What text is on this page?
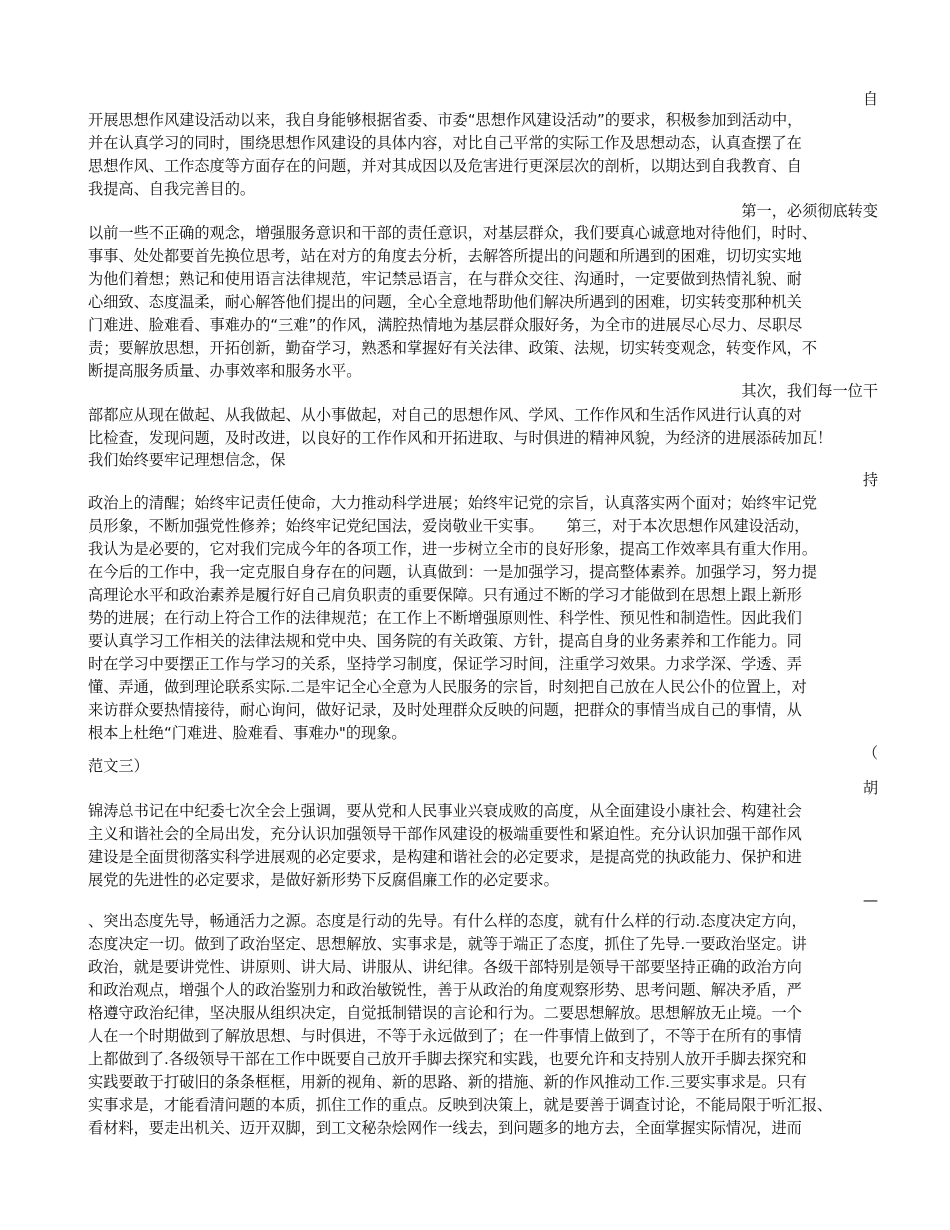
自
开展思想作风建设活动以来，我自身能够根据省委、市委“思想作风建设活动”的要求，积极参加到活动中，
并在认真学习的同时，围绕思想作风建设的具体内容，对比自己平常的实际工作及思想动态，认真查摆了在
思想作风、工作态度等方面存在的问题，并对其成因以及危害进行更深层次的剖析，以期达到自我教育、自
我提高、自我完善目的。
第一，必须彻底转变
以前一些不正确的观念，增强服务意识和干部的责任意识，对基层群众，我们要真心诚意地对待他们，时时、
事事、处处都要首先换位思考，站在对方的角度去分析，去解答所提出的问题和所遇到的困难，切切实实地
为他们着想；熟记和使用语言法律规范，牢记禁忌语言，在与群众交往、沟通时，一定要做到热情礼貌、耐
心细致、态度温柔，耐心解答他们提出的问题，全心全意地帮助他们解决所遇到的困难，切实转变那种机关
门难进、脸难看、事难办的“三难”的作风，满腔热情地为基层群众服好务，为全市的进展尽心尽力、尽职尽
责；要解放思想，开拓创新，勤奋学习，熟悉和掌握好有关法律、政策、法规，切实转变观念，转变作风，不
断提高服务质量、办事效率和服务水平。
其次，我们每一位干
部都应从现在做起、从我做起、从小事做起，对自己的思想作风、学风、工作作风和生活作风进行认真的对
比检查，发现问题，及时改进，以良好的工作作风和开拓进取、与时俱进的精神风貌，为经济的进展添砖加瓦！
我们始终要牢记理想信念，保
持
政治上的清醒；始终牢记责任使命，大力推动科学进展；始终牢记党的宗旨，认真落实两个面对；始终牢记党
员形象，不断加强党性修养；始终牢记党纪国法，爱岗敬业干实事。　　第三，对于本次思想作风建设活动，
我认为是必要的，它对我们完成今年的各项工作，进一步树立全市的良好形象，提高工作效率具有重大作用。
在今后的工作中，我一定克服自身存在的问题，认真做到：一是加强学习，提高整体素养。加强学习，努力提
高理论水平和政治素养是履行好自己肩负职责的重要保障。只有通过不断的学习才能做到在思想上跟上新形
势的进展；在行动上符合工作的法律规范；在工作上不断增强原则性、科学性、预见性和制造性。因此我们
要认真学习工作相关的法律法规和党中央、国务院的有关政策、方针，提高自身的业务素养和工作能力。同
时在学习中要摆正工作与学习的关系，坚持学习制度，保证学习时间，注重学习效果。力求学深、学透、弄
懂、弄通，做到理论联系实际.二是牢记全心全意为人民服务的宗旨，时刻把自己放在人民公仆的位置上，对
来访群众要热情接待，耐心询问，做好记录，及时处理群众反映的问题，把群众的事情当成自己的事情，从
根本上杜绝“门难进、脸难看、事难办"的现象。
（
范文三）
胡
锦涛总书记在中纪委七次全会上强调，要从党和人民事业兴衰成败的高度，从全面建设小康社会、构建社会
主义和谐社会的全局出发，充分认识加强领导干部作风建设的极端重要性和紧迫性。充分认识加强干部作风
建设是全面贯彻落实科学进展观的必定要求，是构建和谐社会的必定要求，是提高党的执政能力、保护和进
展党的先进性的必定要求，是做好新形势下反腐倡廉工作的必定要求。
—
、突出态度先导，畅通活力之源。态度是行动的先导。有什么样的态度，就有什么样的行动.态度决定方向，
态度决定一切。做到了政治坚定、思想解放、实事求是，就等于端正了态度，抓住了先导.一要政治坚定。讲
政治，就是要讲党性、讲原则、讲大局、讲服从、讲纪律。各级干部特别是领导干部要坚持正确的政治方向
和政治观点，增强个人的政治鉴别力和政治敏锐性，善于从政治的角度观察形势、思考问题、解决矛盾，严
格遵守政治纪律，坚决服从组织决定，自觉抵制错误的言论和行为。二要思想解放。思想解放无止境。一个
人在一个时期做到了解放思想、与时俱进，不等于永远做到了；在一件事情上做到了，不等于在所有的事情
上都做到了.各级领导干部在工作中既要自己放开手脚去探究和实践，也要允许和支持别人放开手脚去探究和
实践要敢于打破旧的条条框框，用新的视角、新的思路、新的措施、新的作风推动工作.三要实事求是。只有
实事求是，才能看清问题的本质，抓住工作的重点。反映到决策上，就是要善于调查讨论，不能局限于听汇报、
看材料，要走出机关、迈开双脚，到工文秘杂烩网作一线去，到问题多的地方去，全面掌握实际情况，进而
